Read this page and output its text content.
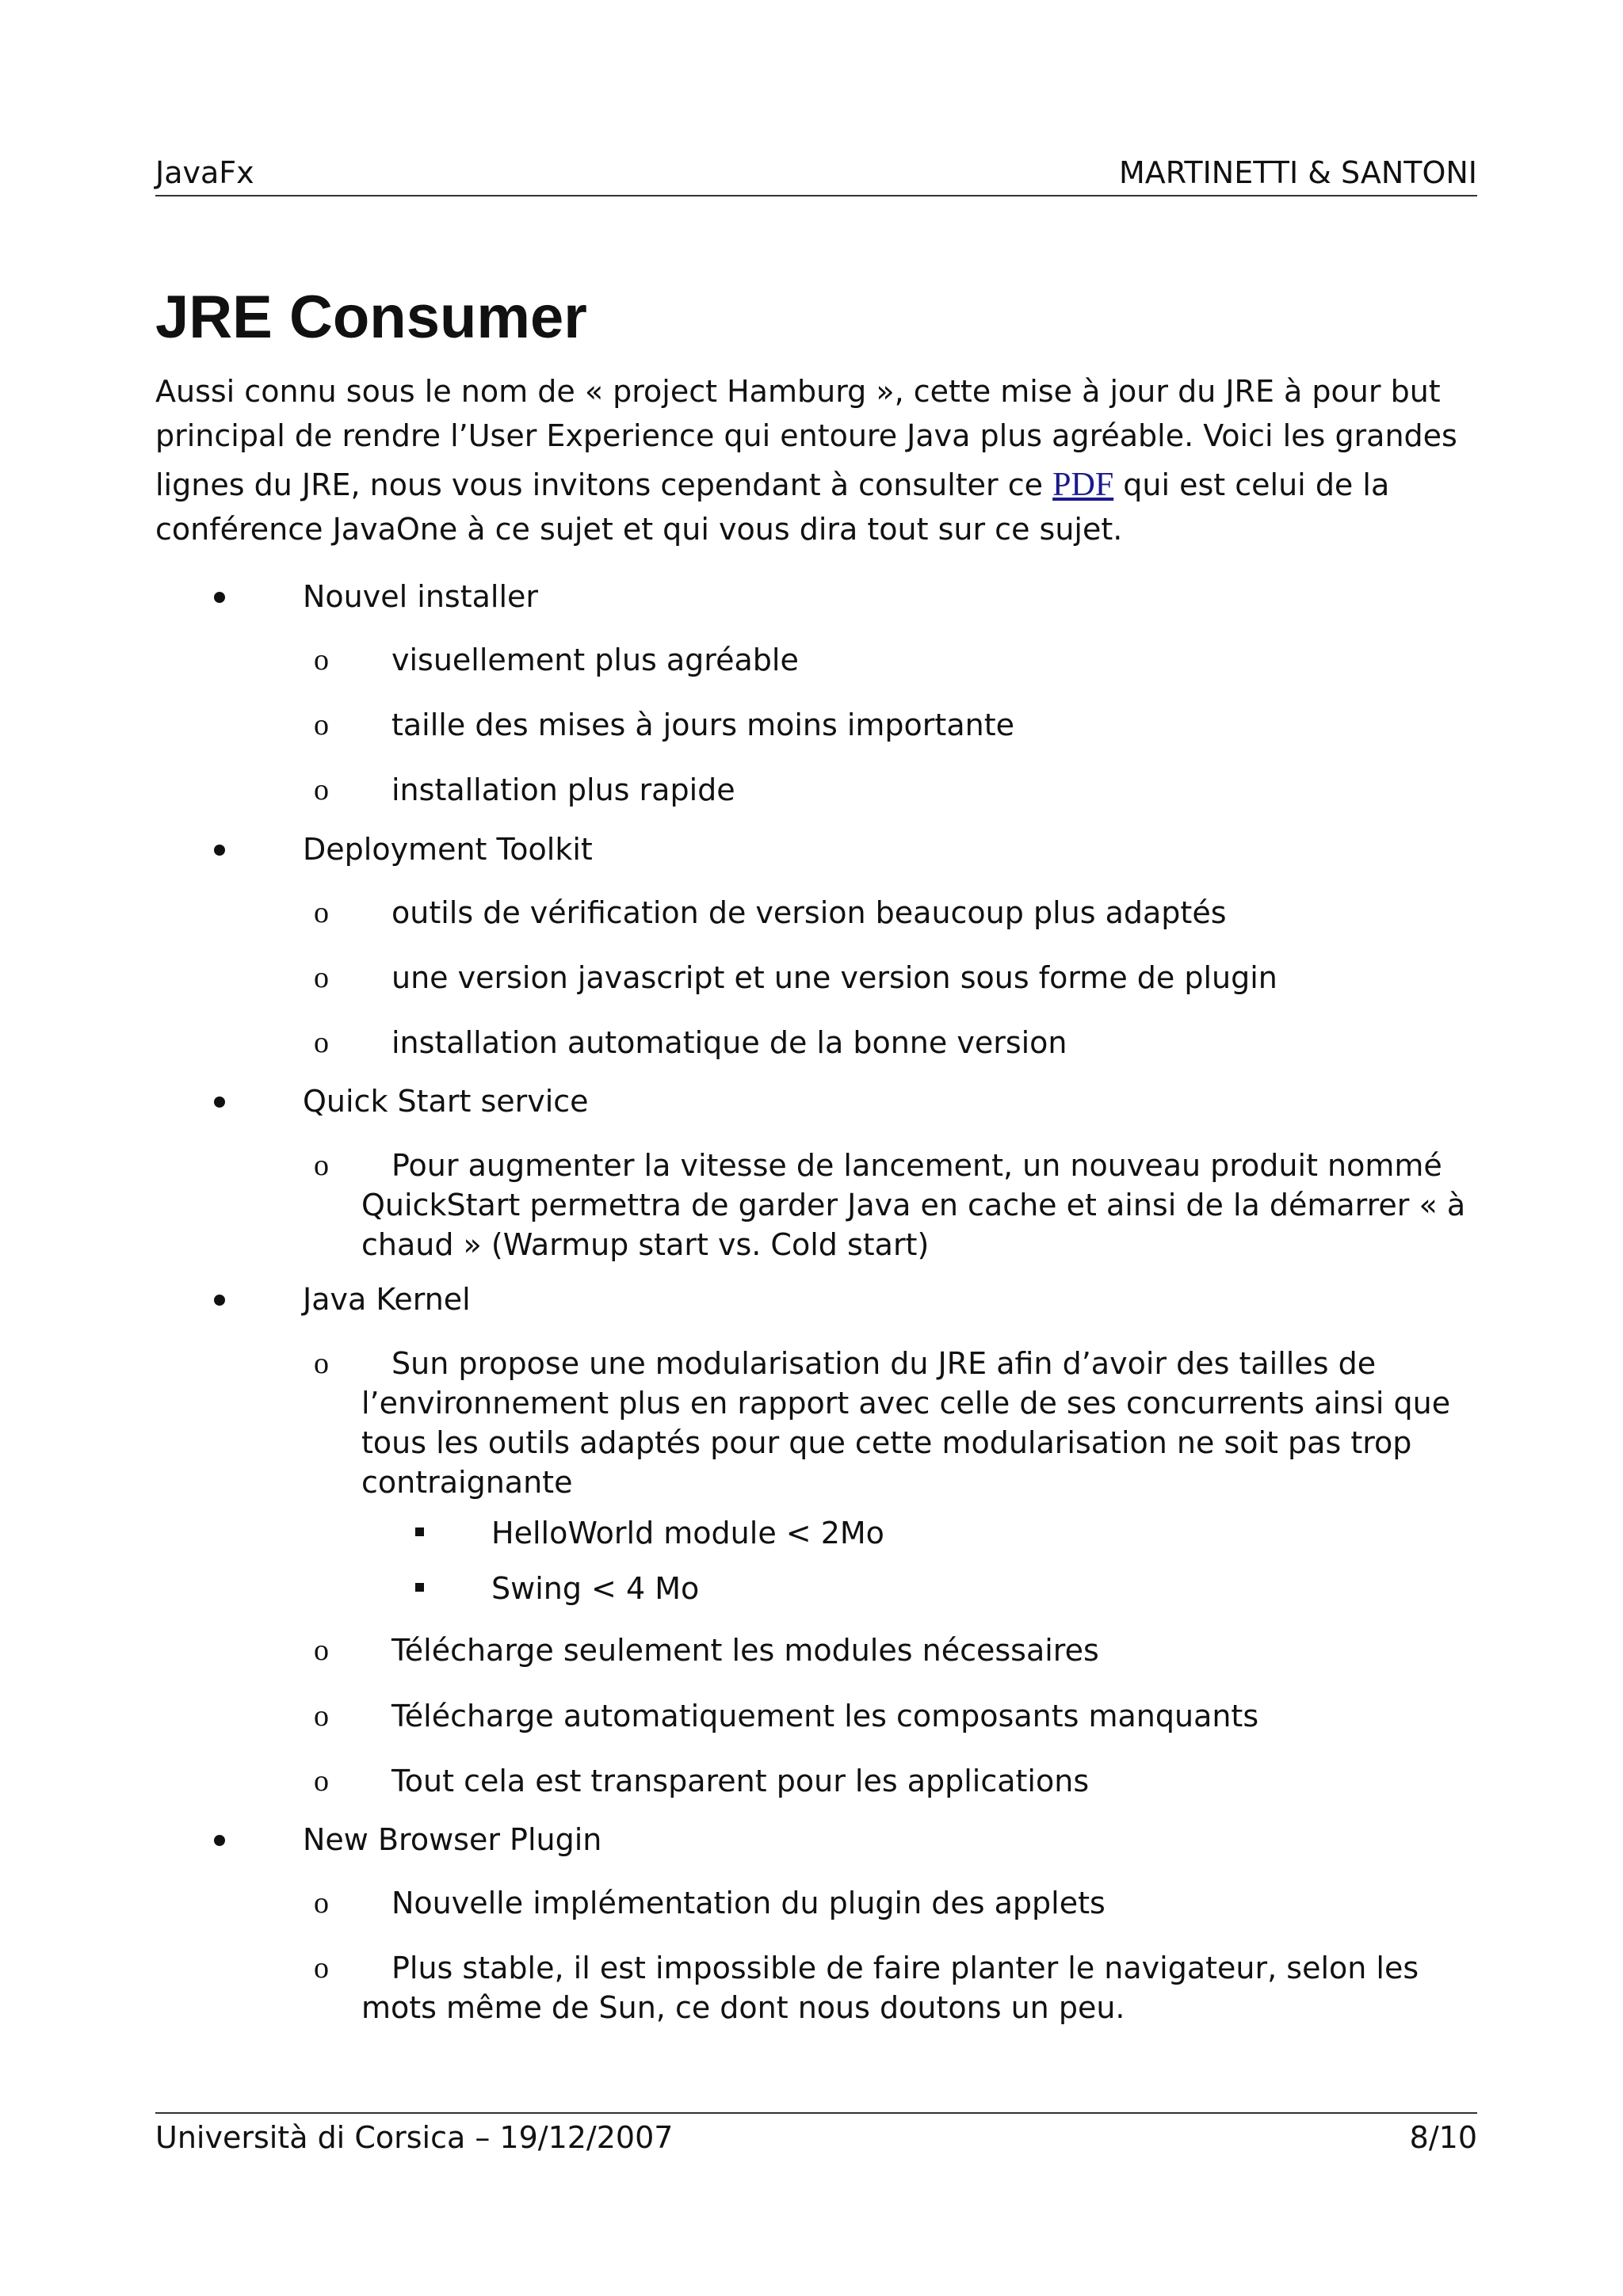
JavaFx	MARTINETTI & SANTONI
JRE Consumer

Aussi connu sous le nom de « project Hamburg », cette mise à jour du JRE à pour but
principal de rendre l’User Experience qui entoure Java plus agréable. Voici les grandes
lignes du JRE, nous vous invitons cependant à consulter ce PDF qui est celui de la
conférence JavaOne à ce sujet et qui vous dira tout sur ce sujet.

Nouvel installer
o visuellement plus agréable
o taille des mises à jours moins importante
o installation plus rapide
Deployment Toolkit
o outils de vérification de version beaucoup plus adaptés
o une version javascript et une version sous forme de plugin
o installation automatique de la bonne version
Quick Start service
o	Pour augmenter la vitesse de lancement, un nouveau produit nommé
QuickStart permettra de garder Java en cache et ainsi de la démarrer « à
chaud » (Warmup start vs. Cold start)
Java Kernel
o	Sun propose une modularisation du JRE afin d’avoir des tailles de
l’environnement plus en rapport avec celle de ses concurrents ainsi que
tous les outils adaptés pour que cette modularisation ne soit pas trop
contraignante
HelloWorld module < 2Mo
Swing < 4 Mo
o Télécharge seulement les modules nécessaires
o Télécharge automatiquement les composants manquants
o Tout cela est transparent pour les applications
New Browser Plugin
o Nouvelle implémentation du plugin des applets
o	Plus stable, il est impossible de faire planter le navigateur, selon les
mots même de Sun, ce dont nous doutons un peu.
Università di Corsica – 19/12/2007	8/10
